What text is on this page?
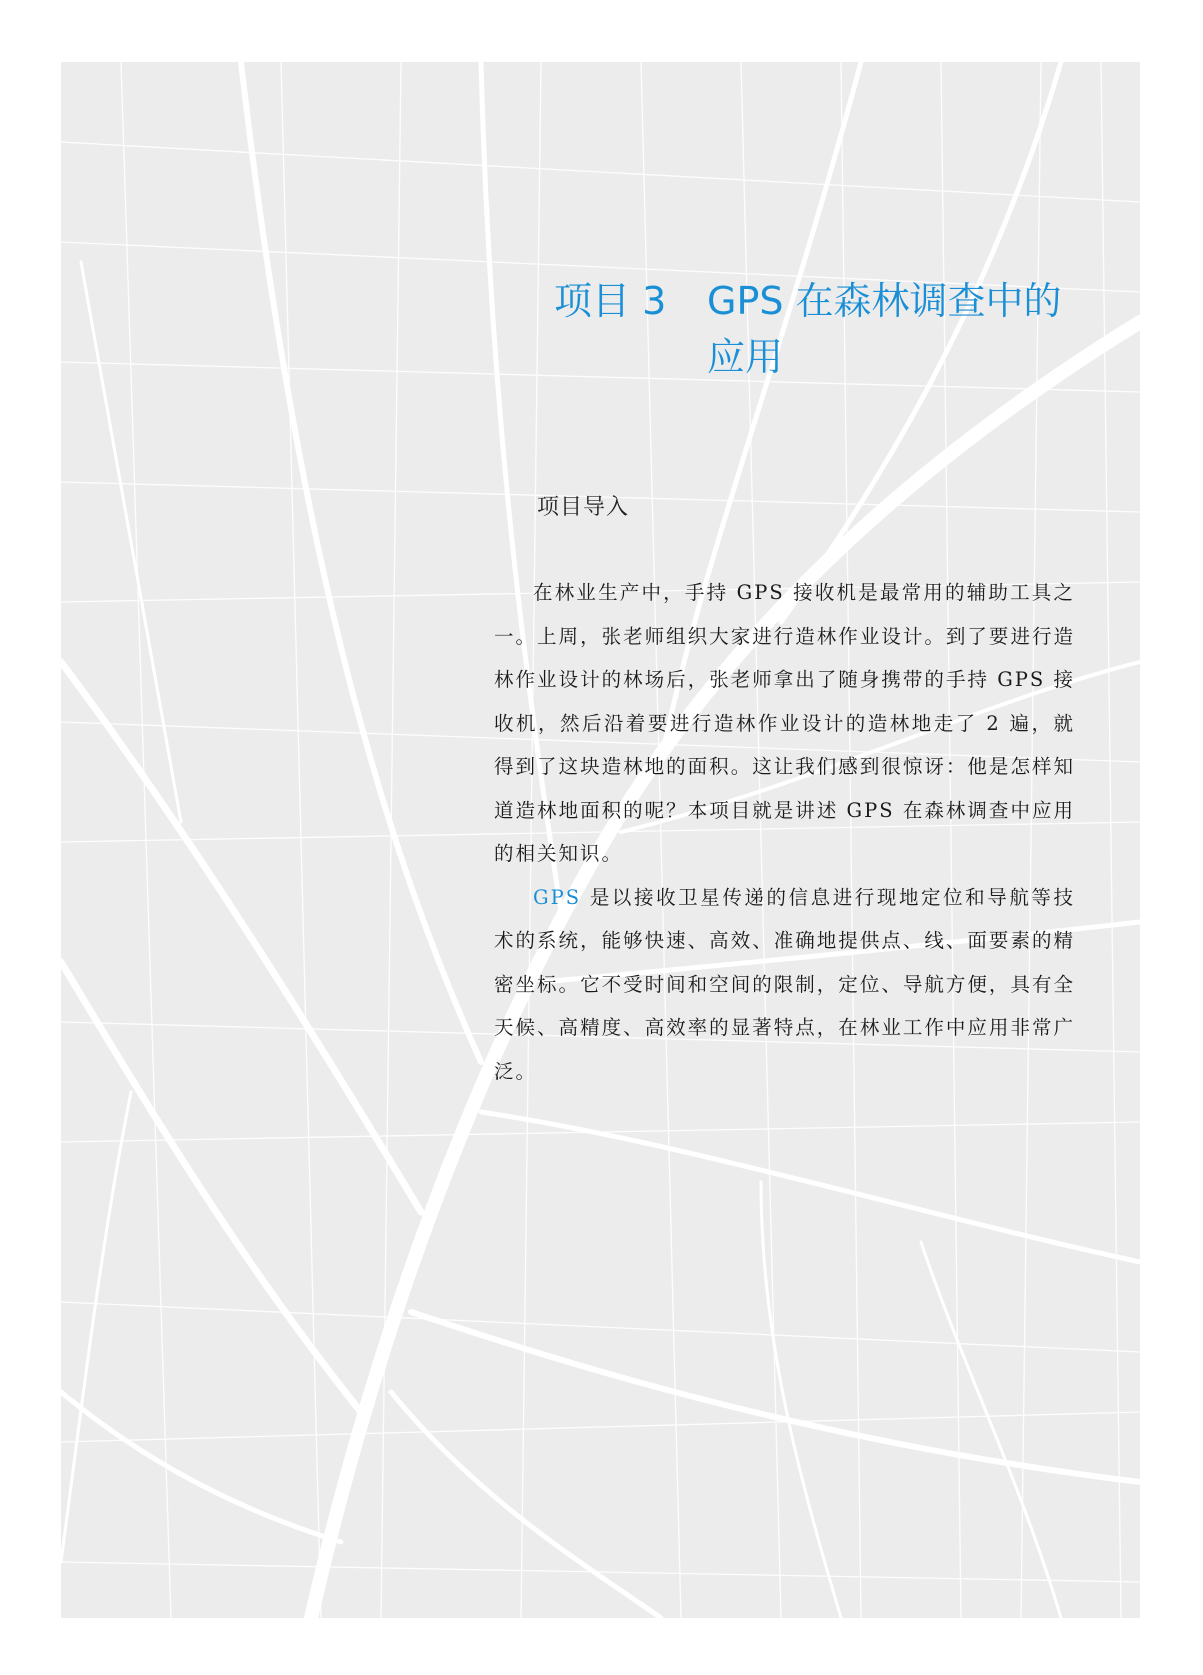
项目 3 GPS 在森林调查中的应用
项目导入

在林业生产中，手持 GPS 接收机是最常用的辅助工具之一。上周，张老师组织大家进行造林作业设计。到了要进行造林作业设计的林场后，张老师拿出了随身携带的手持 GPS 接收机，然后沿着要进行造林作业设计的造林地走了 2 遍，就得到了这块造林地的面积。这让我们感到很惊讶：他是怎样知道造林地面积的呢？本项目就是讲述 GPS 在森林调查中应用的相关知识。

GPS 是以接收卫星传递的信息进行现地定位和导航等技术的系统，能够快速、高效、准确地提供点、线、面要素的精密坐标。它不受时间和空间的限制，定位、导航方便，具有全天候、高精度、高效率的显著特点，在林业工作中应用非常广泛。
